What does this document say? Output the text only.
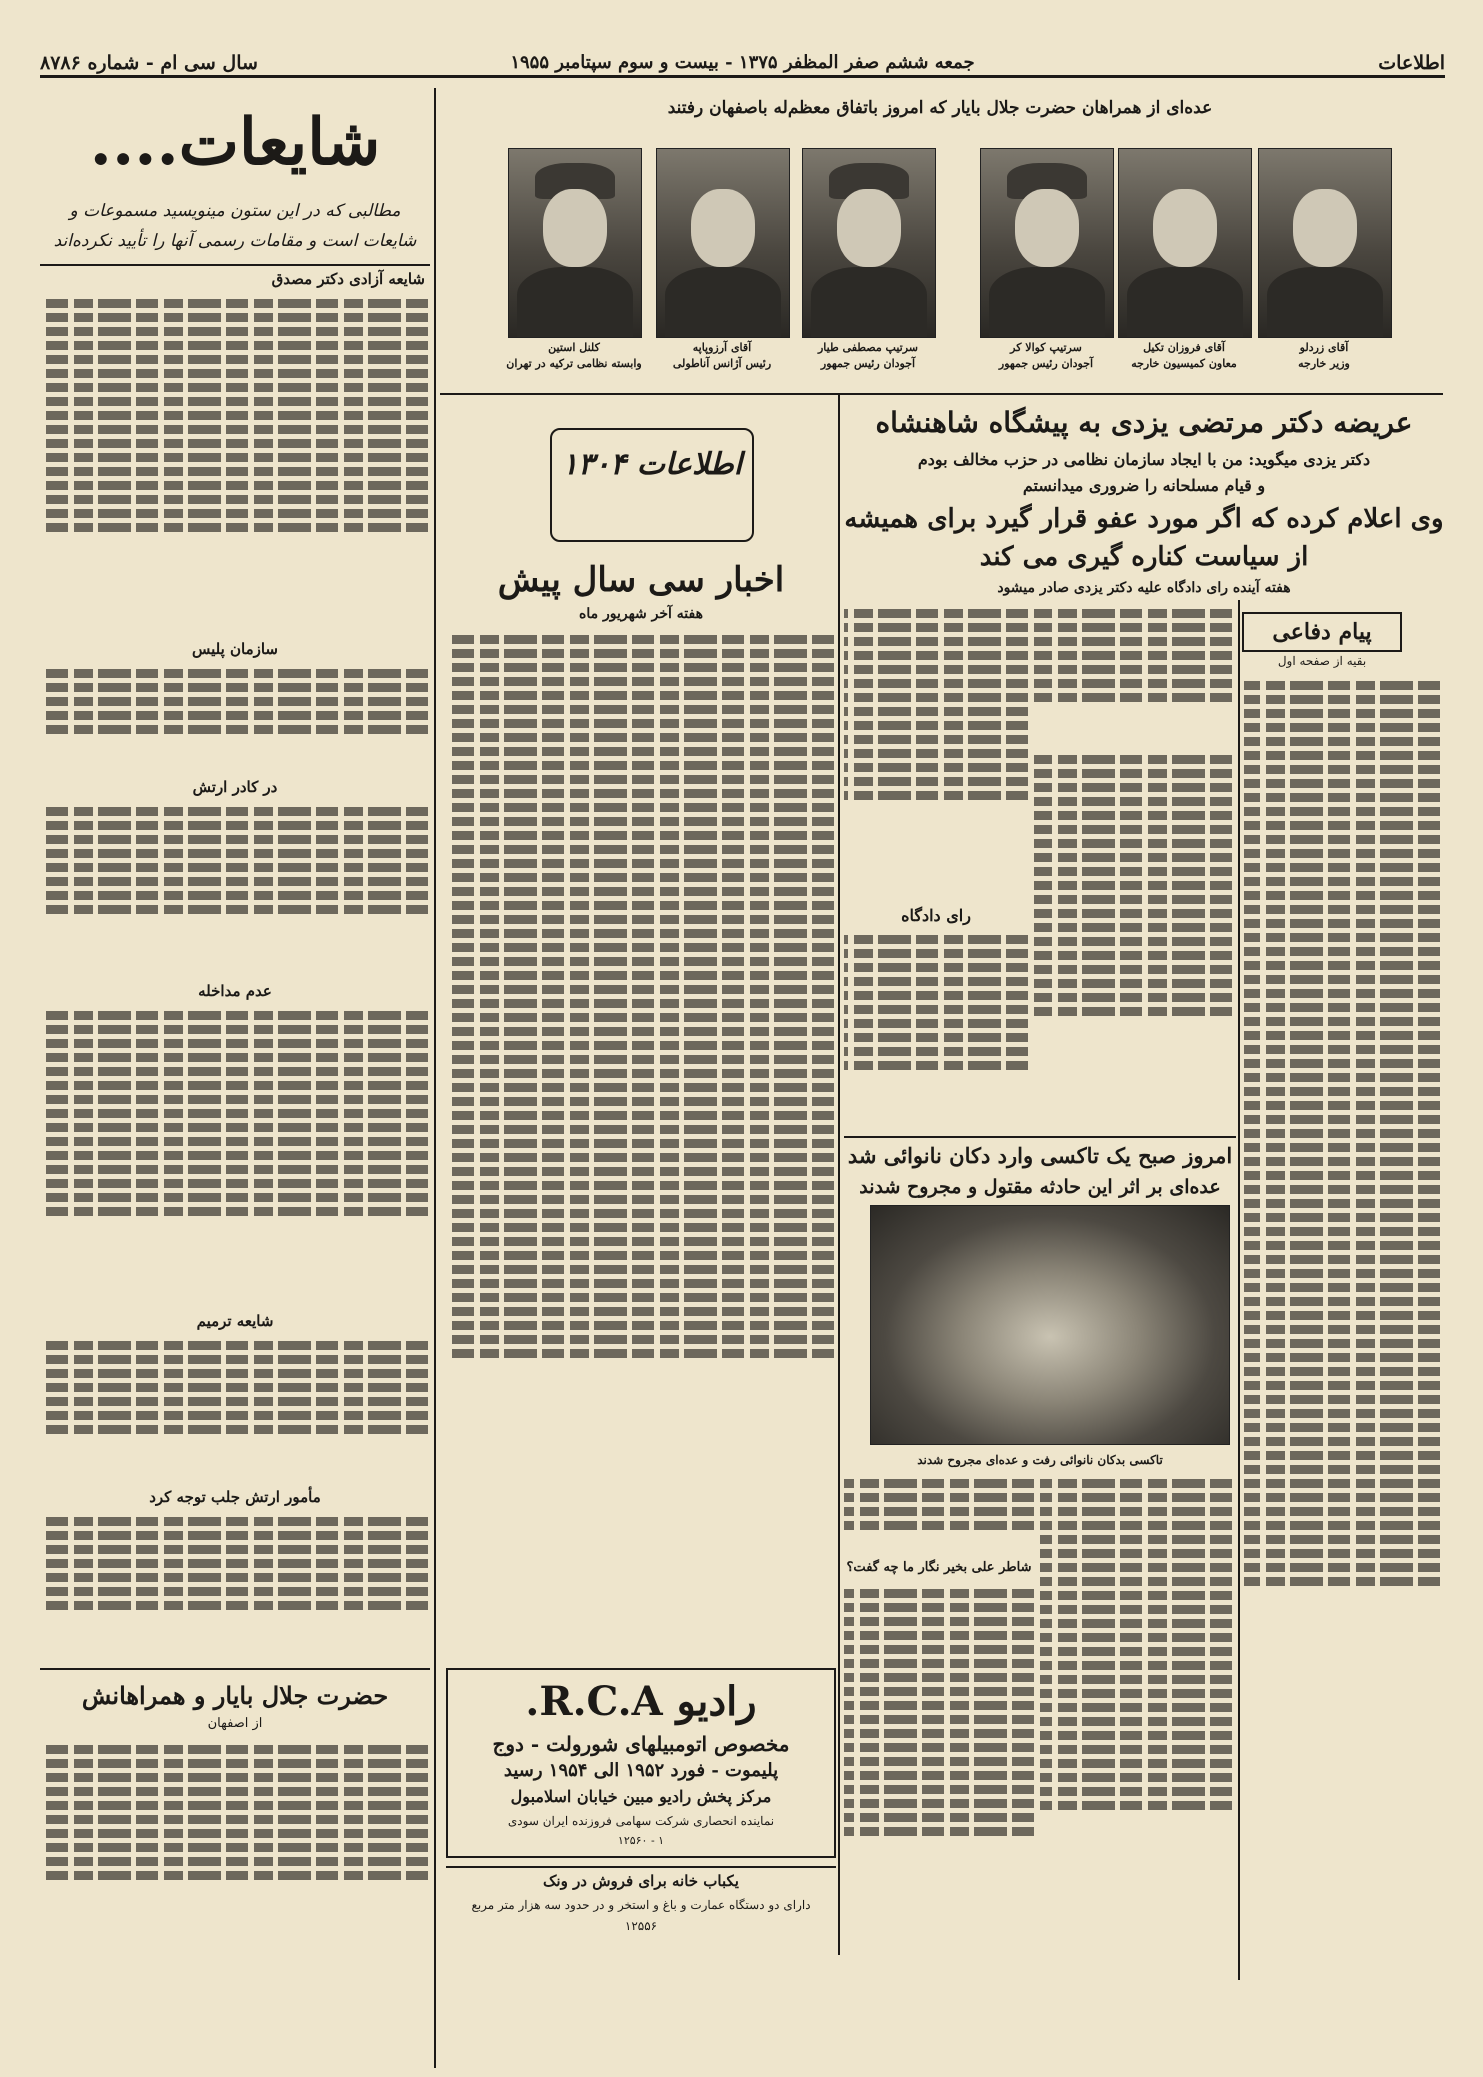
اطلاعات
جمعه ششم صفر المظفر ۱۳۷۵ - بیست و سوم سپتامبر ۱۹۵۵
سال سی ام - شماره ۸۷۸۶
عده‌ای از همراهان حضرت جلال بایار که امروز باتفاق معظم‌له باصفهان رفتند
آقای زردلو
وزیر خارجه
آقای فروزان تکیل
معاون کمیسیون خارجه
سرتیپ کوالا کر
آجودان رئیس جمهور
سرتیپ مصطفی طیار
آجودان رئیس جمهور
آقای آرزوپاپه
رئیس آژانس آناطولی
کلنل استین
وابسته نظامی ترکیه در تهران
شایعات....
مطالبی که در این ستون مینویسید مسموعات و شایعات است و مقامات رسمی آنها را تأیید نکرده‌اند
شایعه آزادی دکتر مصدق
سازمان پلیس
در کادر ارتش
عدم مداخله
شایعه ترمیم
مأمور ارتش جلب توجه کرد
حضرت جلال بایار و همراهانش
از اصفهان
اطلاعات ۱۳۰۴
اخبار سی سال پیش
هفته آخر شهریور ماه
رادیو R.C.A.
مخصوص اتومبیلهای شورولت - دوج
پلیموت - فورد ۱۹۵۲ الی ۱۹۵۴ رسید
مرکز پخش رادیو مبین خیابان اسلامبول
نماینده انحصاری شرکت سهامی فروزنده ایران سودی
۱ - ۱۲۵۶۰
یکباب خانه برای فروش در ونک
دارای دو دستگاه عمارت و باغ و استخر و در حدود سه هزار متر مربع
۱۲۵۵۶
عریضه دکتر مرتضی یزدی به پیشگاه شاهنشاه
دکتر یزدی میگوید: من با ایجاد سازمان نظامی در حزب مخالف بودم
و قیام مسلحانه را ضروری میدانستم
وی اعلام کرده که اگر مورد عفو قرار گیرد برای همیشه
از سیاست کناره گیری می کند
هفته آینده رای دادگاه علیه دکتر یزدی صادر میشود
رای دادگاه
پیام دفاعی
بقیه از صفحه اول
امروز صبح یک تاکسی وارد دکان نانوائی شد
عده‌ای بر اثر این حادثه مقتول و مجروح شدند
تاکسی بدکان نانوائی رفت و عده‌ای مجروح شدند
شاطر علی بخیر نگار ما چه گفت؟
